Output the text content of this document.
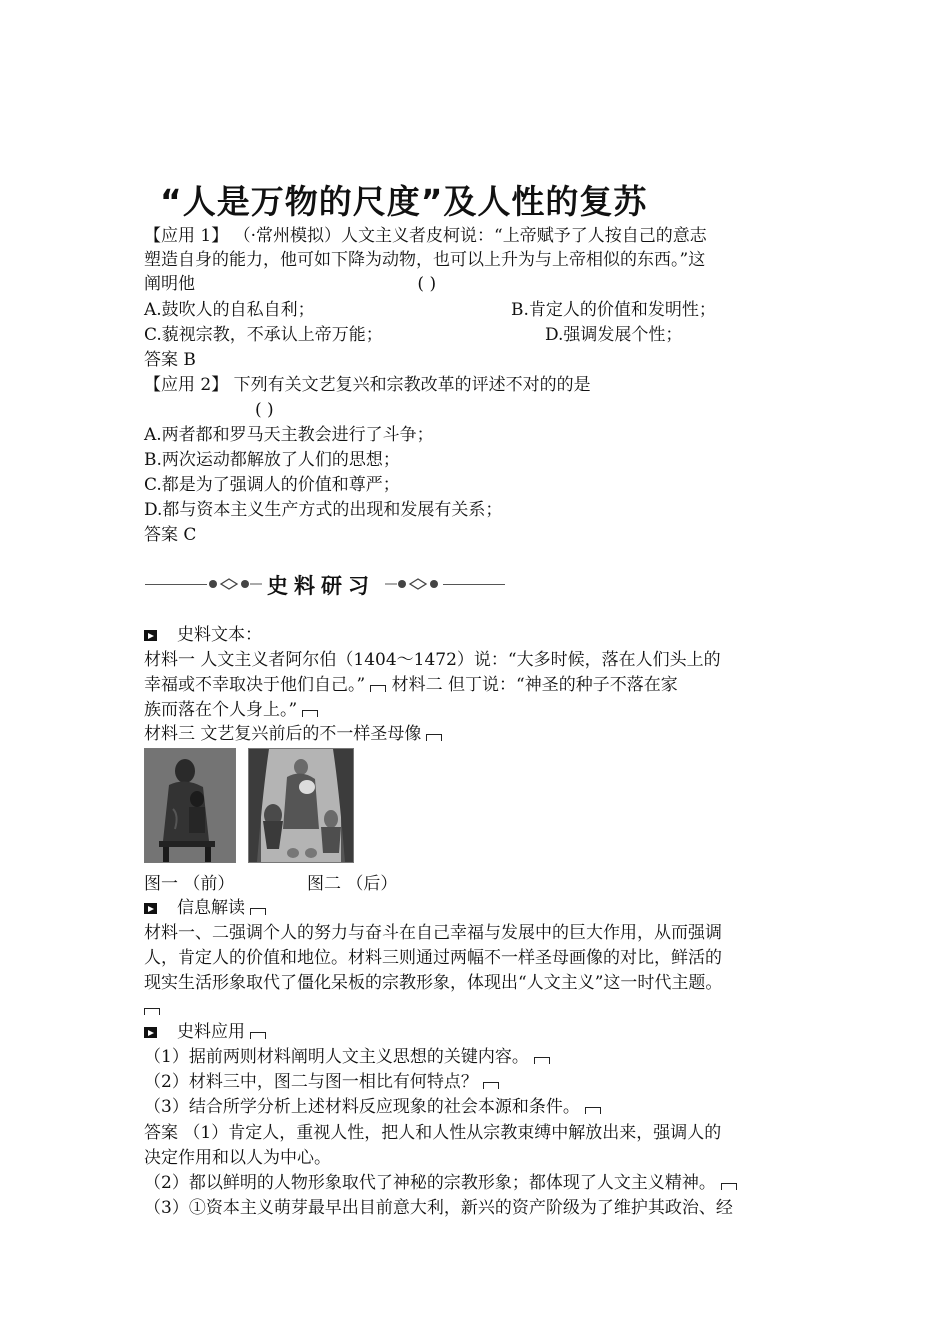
“人是万物的尺度”及人性的复苏
【应用 1】 （·常州模拟）人文主义者皮柯说：“上帝赋予了人按自己的意志
塑造自身的能力，他可如下降为动物，也可以上升为与上帝相似的东西。”这
阐明他	( )
A.鼓吹人的自私自利；	B.肯定人的价值和发明性；
C.藐视宗教，不承认上帝万能；	D.强调发展个性；
答案 B
【应用 2】 下列有关文艺复兴和宗教改革的评述不对的的是
( )
A.两者都和罗马天主教会进行了斗争；
B.两次运动都解放了人们的思想；
C.都是为了强调人的价值和尊严；
D.都与资本主义生产方式的出现和发展有关系；
答案 C
史料研习
史料文本：
材料一 人文主义者阿尔伯（1404～1472）说：“大多时候，落在人们头上的
幸福或不幸取决于他们自己。” 材料二 但丁说：“神圣的种子不落在家
族而落在个人身上。”
材料三 文艺复兴前后的不一样圣母像
图一 （前）	图二 （后）
信息解读
材料一、二强调个人的努力与奋斗在自己幸福与发展中的巨大作用，从而强调
人，肯定人的价值和地位。材料三则通过两幅不一样圣母画像的对比，鲜活的
现实生活形象取代了僵化呆板的宗教形象，体现出“人文主义”这一时代主题。
史料应用
（1）据前两则材料阐明人文主义思想的关键内容。
（2）材料三中，图二与图一相比有何特点？
（3）结合所学分析上述材料反应现象的社会本源和条件。
答案 （1）肯定人，重视人性，把人和人性从宗教束缚中解放出来，强调人的
决定作用和以人为中心。
（2）都以鲜明的人物形象取代了神秘的宗教形象；都体现了人文主义精神。
（3）①资本主义萌芽最早出目前意大利，新兴的资产阶级为了维护其政治、经
